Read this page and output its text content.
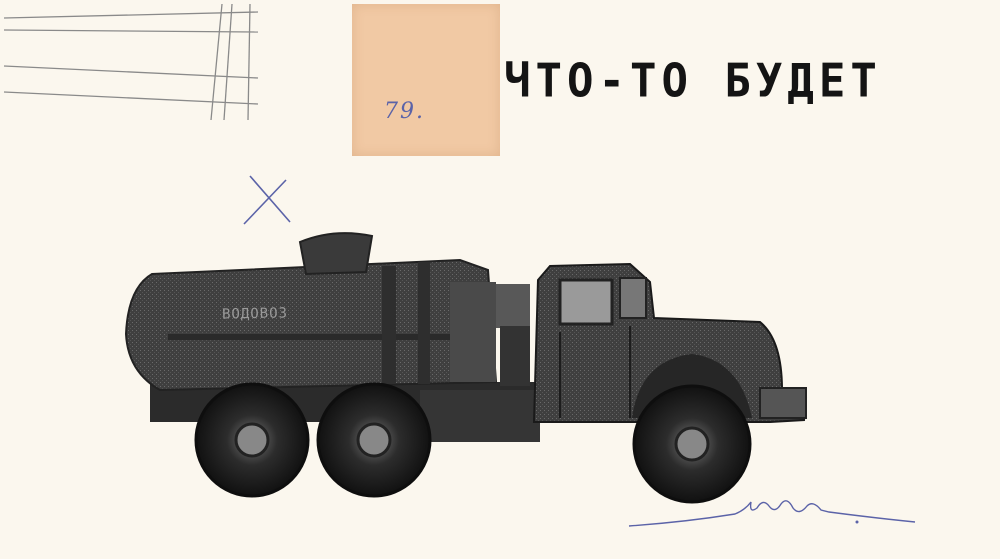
79.
ЧТО-ТО БУДЕТ
ВОДОВОЗ
